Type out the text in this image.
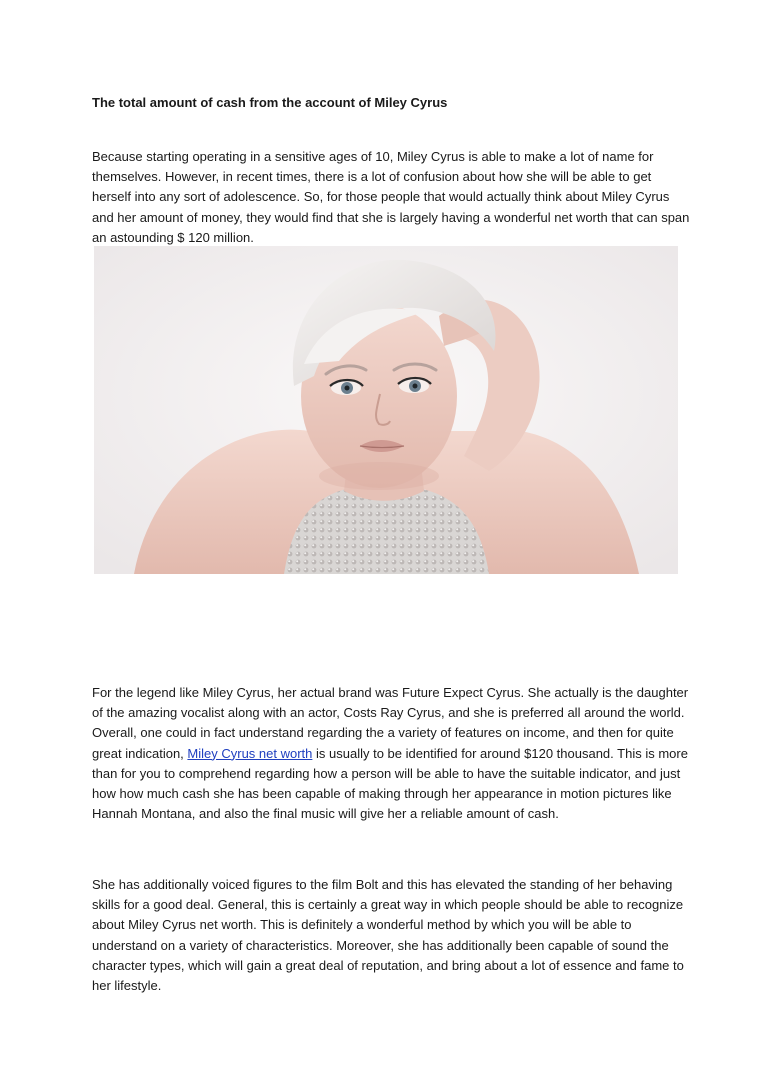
The total amount of cash from the account of Miley Cyrus

Because starting operating in a sensitive ages of 10, Miley Cyrus is able to make a lot of name for themselves. However, in recent times, there is a lot of confusion about how she will be able to get herself into any sort of adolescence. So, for those people that would actually think about Miley Cyrus and her amount of money, they would find that she is largely having a wonderful net worth that can span an astounding $ 120 million.

For the legend like Miley Cyrus, her actual brand was Future Expect Cyrus. She actually is the daughter of the amazing vocalist along with an actor, Costs Ray Cyrus, and she is preferred all around the world. Overall, one could in fact understand regarding the a variety of features on income, and then for quite great indication, Miley Cyrus net worth is usually to be identified for around $120 thousand. This is more than for you to comprehend regarding how a person will be able to have the suitable indicator, and just how how much cash she has been capable of making through her appearance in motion pictures like Hannah Montana, and also the final music will give her a reliable amount of cash.

She has additionally voiced figures to the film Bolt and this has elevated the standing of her behaving skills for a good deal. General, this is certainly a great way in which people should be able to recognize about Miley Cyrus net worth. This is definitely a wonderful method by which you will be able to understand on a variety of characteristics. Moreover, she has additionally been capable of sound the character types, which will gain a great deal of reputation, and bring about a lot of essence and fame to her lifestyle.
